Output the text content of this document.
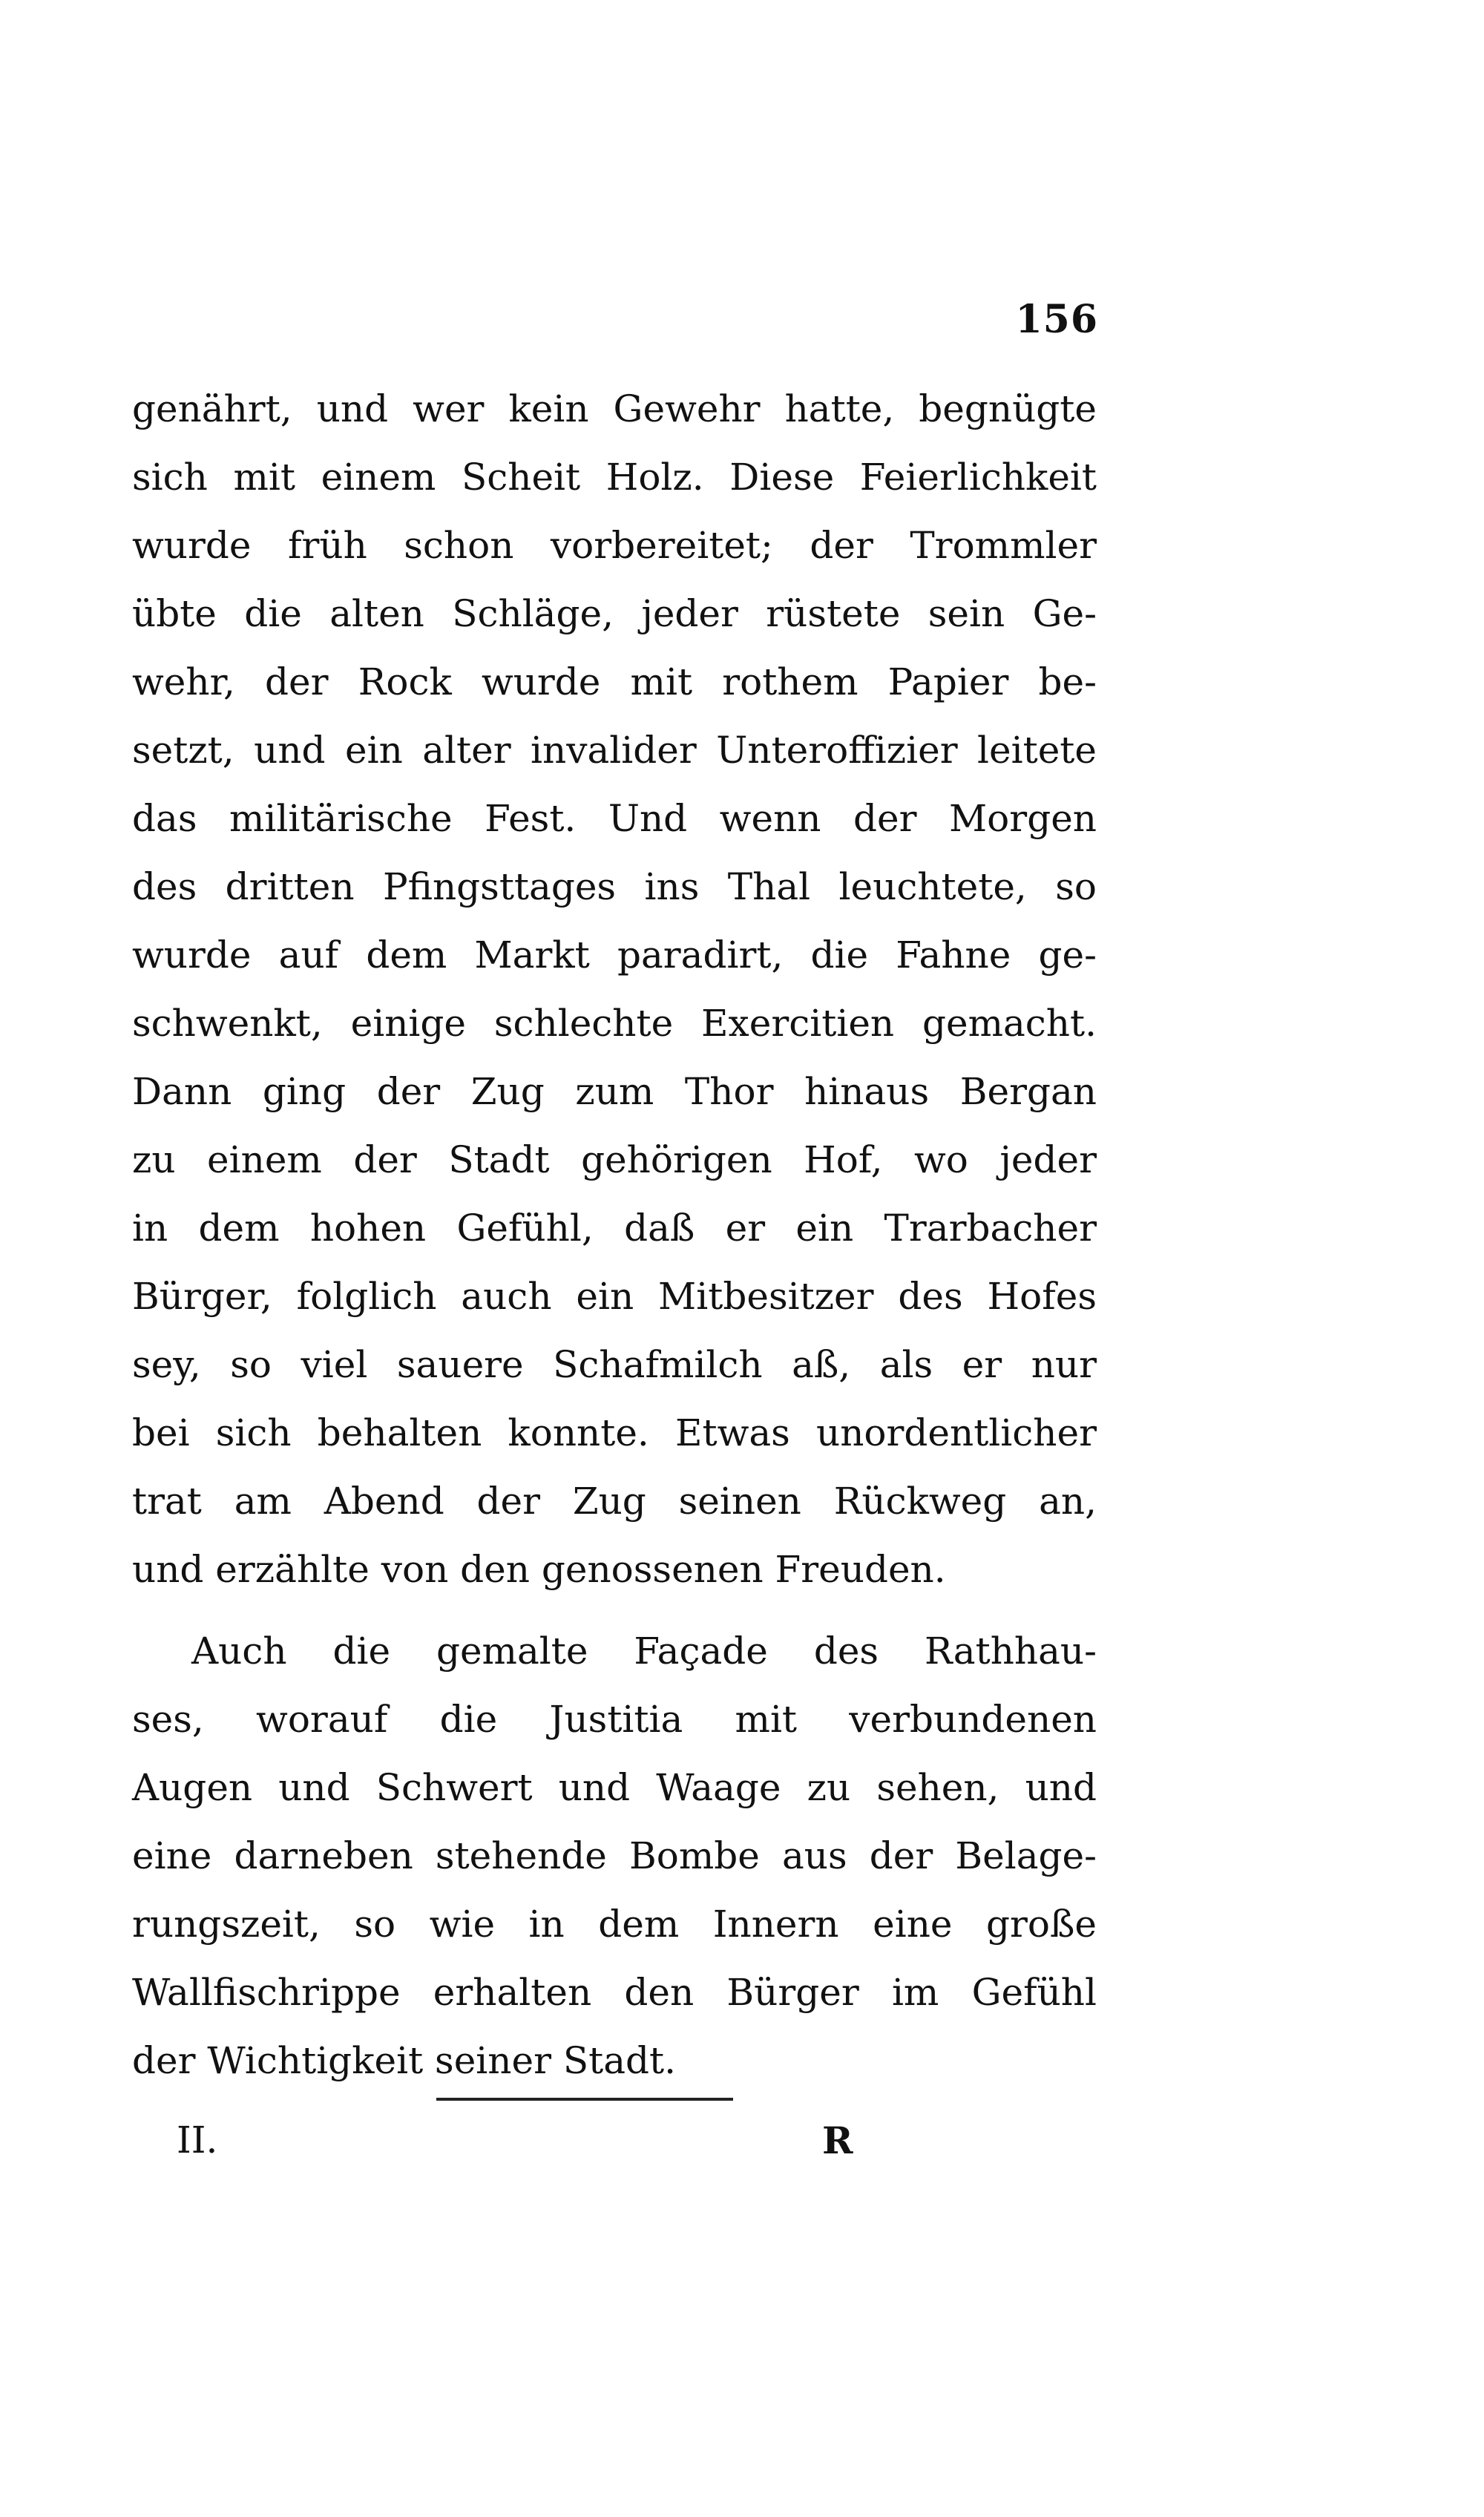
156
genährt, und wer kein Gewehr hatte, begnügte
sich mit einem Scheit Holz. Diese Feierlichkeit
wurde früh schon vorbereitet; der Trommler
übte die alten Schläge, jeder rüstete sein Ge-
wehr, der Rock wurde mit rothem Papier be-
setzt, und ein alter invalider Unteroffizier leitete
das militärische Fest. Und wenn der Morgen
des dritten Pfingsttages ins Thal leuchtete, so
wurde auf dem Markt paradirt, die Fahne ge-
schwenkt, einige schlechte Exercitien gemacht.
Dann ging der Zug zum Thor hinaus Bergan
zu einem der Stadt gehörigen Hof, wo jeder
in dem hohen Gefühl, daß er ein Trarbacher
Bürger, folglich auch ein Mitbesitzer des Hofes
sey, so viel sauere Schafmilch aß, als er nur
bei sich behalten konnte. Etwas unordentlicher
trat am Abend der Zug seinen Rückweg an,
und erzählte von den genossenen Freuden.
Auch die gemalte Façade des Rathhau-
ses, worauf die Justitia mit verbundenen
Augen und Schwert und Waage zu sehen, und
eine darneben stehende Bombe aus der Belage-
rungszeit, so wie in dem Innern eine große
Wallfischrippe erhalten den Bürger im Gefühl
der Wichtigkeit seiner Stadt.
II.	R
